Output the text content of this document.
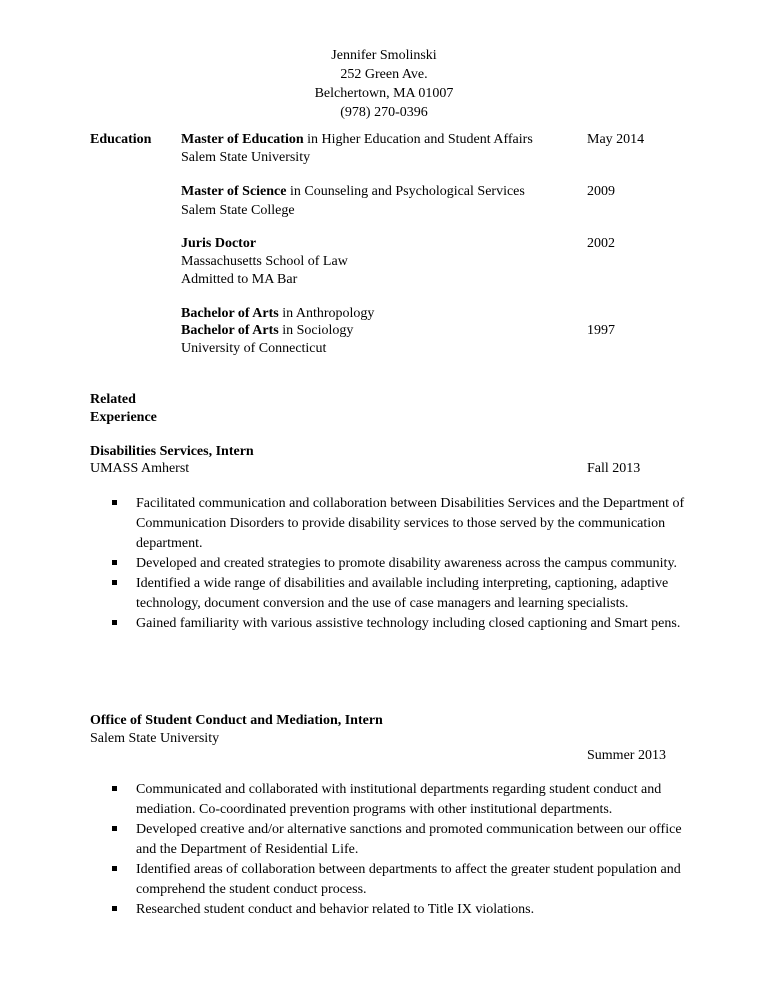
Jennifer Smolinski
252 Green Ave.
Belchertown, MA 01007
(978) 270-0396
Education Master of Education in Higher Education and Student Affairs
Salem State University
May 2014
Master of Science in Counseling and Psychological Services
Salem State College
2009
Juris Doctor
Massachusetts School of Law
Admitted to MA Bar
2002
Bachelor of Arts in Anthropology
Bachelor of Arts in Sociology
University of Connecticut
1997
Related
Experience
Disabilities Services, Intern
UMASS Amherst	Fall 2013
Facilitated communication and collaboration between Disabilities Services and the Department of Communication Disorders to provide disability services to those served by the communication department.
Developed and created strategies to promote disability awareness across the campus community.
Identified a wide range of disabilities and available including interpreting, captioning, adaptive technology, document conversion and the use of case managers and learning specialists.
Gained familiarity with various assistive technology including closed captioning and Smart pens.
Office of Student Conduct and Mediation, Intern
Salem State University
Summer 2013
Communicated and collaborated with institutional departments regarding student conduct and mediation. Co-coordinated prevention programs with other institutional departments.
Developed creative and/or alternative sanctions and promoted communication between our office and the Department of Residential Life.
Identified areas of collaboration between departments to affect the greater student population and comprehend the student conduct process.
Researched student conduct and behavior related to Title IX violations.
